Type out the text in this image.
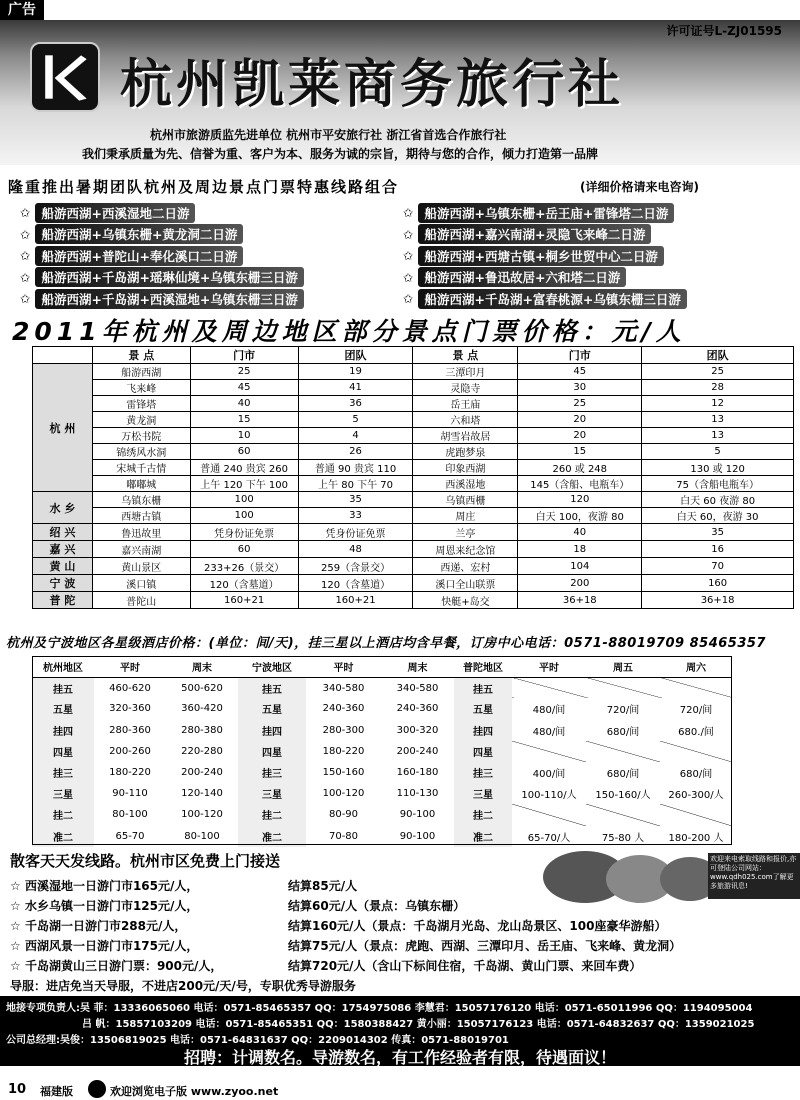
广告
许可证号L-ZJ01595
杭州凯莱商务旅行社
杭州市旅游质监先进单位 杭州市平安旅行社 浙江省首选合作旅行社
我们秉承质量为先、信誉为重、客户为本、服务为诚的宗旨，期待与您的合作，倾力打造第一品牌
隆重推出暑期团队杭州及周边景点门票特惠线路组合	(详细价格请来电咨询)
✩ 船游西湖+西溪湿地二日游
✩ 船游西湖+乌镇东栅+黄龙洞二日游
✩ 船游西湖+普陀山+奉化溪口二日游
✩ 船游西湖+千岛湖+瑶琳仙境+乌镇东栅三日游
✩ 船游西湖+千岛湖+西溪湿地+乌镇东栅三日游
✩ 船游西湖+乌镇东栅+岳王庙+雷锋塔二日游
✩ 船游西湖+嘉兴南湖+灵隐飞来峰二日游
✩ 船游西湖+西塘古镇+桐乡世贸中心二日游
✩ 船游西湖+鲁迅故居+六和塔二日游
✩ 船游西湖+千岛湖+富春桃源+乌镇东栅三日游
2011年杭州及周边地区部分景点门票价格：元/人
	景 点	门市	团队	景 点	门市	团队
杭 州	船游西湖	25	19	三潭印月	45	25
	飞来峰	45	41	灵隐寺	30	28
	雷锋塔	40	36	岳王庙	25	12
	黄龙洞	15	5	六和塔	20	13
	万松书院	10	4	胡雪岩故居	20	13
	锦绣风水洞	60	26	虎跑梦泉	15	5
	宋城千古情	普通 240 贵宾 260	普通 90 贵宾 110	印象西湖	260 或 248	130 或 120
	嘟嘟城	上午 120 下午 100	上午 80 下午 70	西溪湿地	145（含船、电瓶车）	75（含船电瓶车）
水 乡	乌镇东栅	100	35	乌镇西栅	120	白天 60 夜游 80
	西塘古镇	100	33	周庄	白天 100，夜游 80	白天 60，夜游 30
绍 兴	鲁迅故里	凭身份证免票	凭身份证免票	兰亭	40	35
嘉 兴	嘉兴南湖	60	48	周恩来纪念馆	18	16
黄 山	黄山景区	233+26（景交）	259（含景交）	西递、宏村	104	70
宁 波	溪口镇	120（含墓道）	120（含墓道）	溪口全山联票	200	160
普 陀	普陀山	160+21	160+21	快艇+岛交	36+18	36+18
杭州及宁波地区各星级酒店价格：(单位：间/天)，挂三星以上酒店均含早餐，订房中心电话：0571-88019709 85465357
杭州地区	平时	周末	宁波地区	平时	周末	普陀地区	平时	周五	周六
挂五	460-620	500-620	挂五	340-580	340-580	挂五			
五星	320-360	360-420	五星	240-360	240-360	五星	480/间	720/间	720/间
挂四	280-360	280-380	挂四	280-300	300-320	挂四	480/间	680/间	680./间
四星	200-260	220-280	四星	180-220	200-240	四星			
挂三	180-220	200-240	挂三	150-160	160-180	挂三	400/间	680/间	680/间
三星	90-110	120-140	三星	100-120	110-130	三星	100-110/人	150-160/人	260-300/人
挂二	80-100	100-120	挂二	80-90	90-100	挂二			
准二	65-70	80-100	准二	70-80	90-100	准二	65-70/人	75-80 人	180-200 人
散客天天发线路。杭州市区免费上门接送
☆ 西溪湿地一日游门市165元/人，	结算85元/人
☆ 水乡乌镇一日游门市125元/人，	结算60元/人（景点：乌镇东栅）
☆ 千岛湖一日游门市288元/人，	结算160元/人（景点：千岛湖月光岛、龙山岛景区、100座豪华游船）
☆ 西湖风景一日游门市175元/人，	结算75元/人（景点：虎跑、西湖、三潭印月、岳王庙、飞来峰、黄龙洞）
☆ 千岛湖黄山三日游门票：900元/人，	结算720元/人（含山下标间住宿，千岛湖、黄山门票、来回车费）
欢迎来电索取线路和报价,亦可登陆公司网站：www.qdh025.com了解更多旅游讯息!
导服：进店免当天导服，不进店200元/天/号，专职优秀导游服务
地接专项负责人:吴 菲：13336065060 电话：0571-85465357 QQ：1754975086 李慧君：15057176120 电话：0571-65011996 QQ：1194095004
吕 帆：15857103209 电话：0571-85465351 QQ：1580388427 黄小丽：15057176123 电话：0571-64832637 QQ：1359021025
公司总经理:吴俊：13506819025 电话：0571-64831637 QQ：2209014302 传真：0571-88019701
招聘：计调数名。导游数名，有工作经验者有限，待遇面议！
10 福建版	欢迎浏览电子版 www.zyoo.net
